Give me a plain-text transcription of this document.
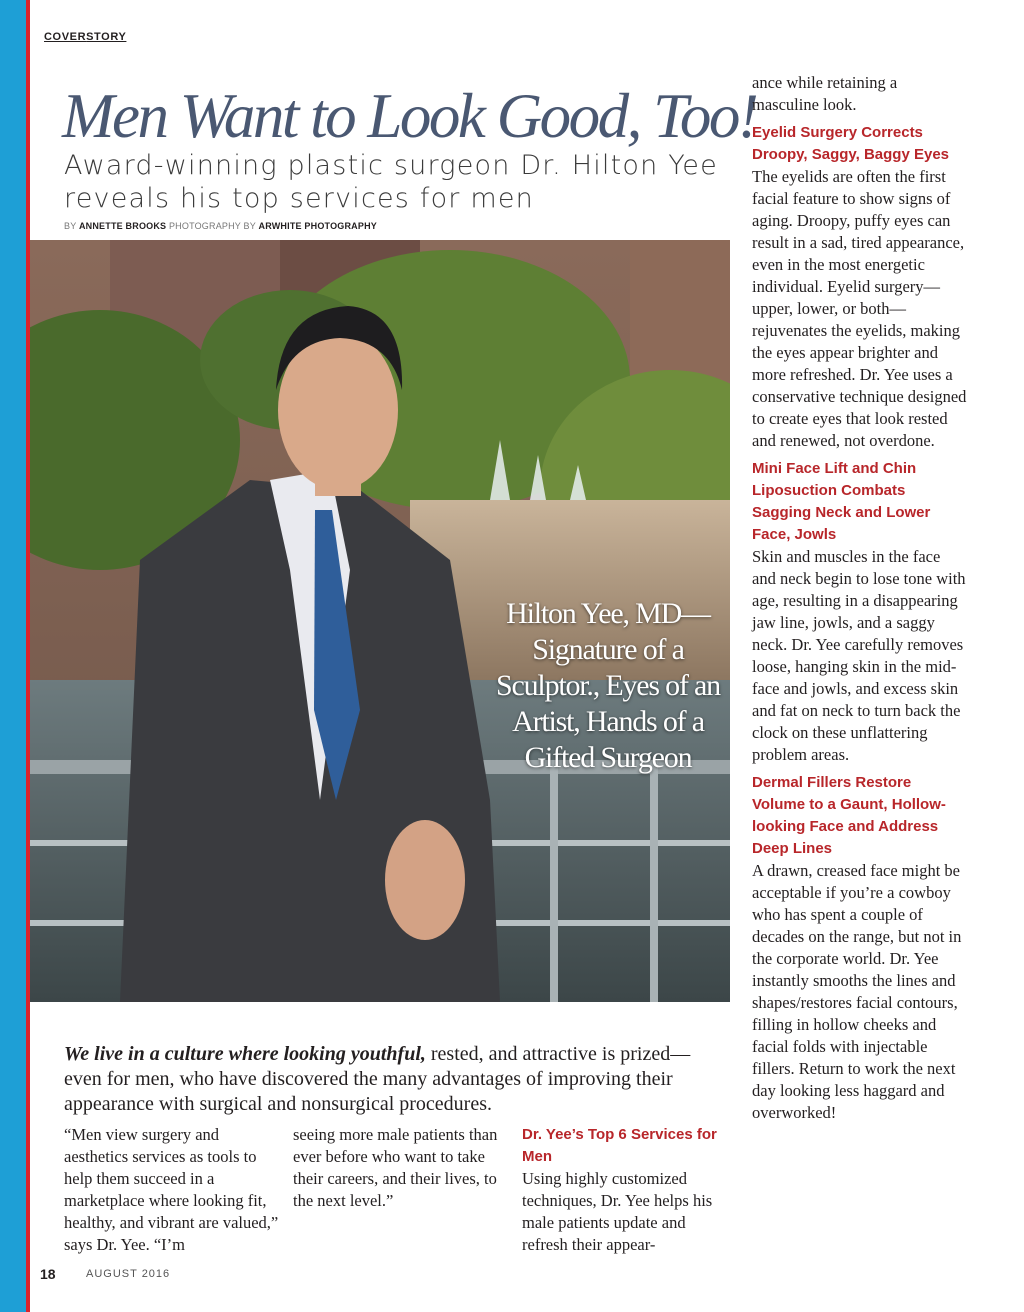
COVERSTORY
Men Want to Look Good, Too!
Award-winning plastic surgeon Dr. Hilton Yee reveals his top services for men
BY ANNETTE BROOKS PHOTOGRAPHY BY ARWHITE PHOTOGRAPHY
Hilton Yee, MD—Signature of a Sculptor., Eyes of an Artist, Hands of a Gifted Surgeon
We live in a culture where looking youthful, rested, and attractive is prized—even for men, who have discovered the many advantages of improving their appearance with surgical and nonsurgical procedures.

“Men view surgery and aesthetics services as tools to help them succeed in a marketplace where looking fit, healthy, and vibrant are valued,” says Dr. Yee. “I’m

seeing more male patients than ever before who want to take their careers, and their lives, to the next level.”

Dr. Yee’s Top 6 Services for Men

Using highly customized techniques, Dr. Yee helps his male patients update and refresh their appear-

ance while retaining a masculine look.

Eyelid Surgery Corrects Droopy, Saggy, Baggy Eyes

The eyelids are often the first facial feature to show signs of aging. Droopy, puffy eyes can result in a sad, tired appearance, even in the most energetic individual. Eyelid surgery—upper, lower, or both— rejuvenates the eyelids, making the eyes appear brighter and more refreshed. Dr. Yee uses a conservative technique designed to create eyes that look rested and renewed, not overdone.

Mini Face Lift and Chin Liposuction Combats Sagging Neck and Lower Face, Jowls

Skin and muscles in the face and neck begin to lose tone with age, resulting in a disappearing jaw line, jowls, and a saggy neck. Dr. Yee carefully removes loose, hanging skin in the mid-face and jowls, and excess skin and fat on neck to turn back the clock on these unflattering problem areas.

Dermal Fillers Restore Volume to a Gaunt, Hollow-looking Face and Address Deep Lines

A drawn, creased face might be acceptable if you’re a cowboy who has spent a couple of decades on the range, but not in the corporate world. Dr. Yee instantly smooths the lines and shapes/restores facial contours, filling in hollow cheeks and facial folds with injectable fillers. Return to work the next day looking less haggard and overworked!

18	AUGUST 2016
